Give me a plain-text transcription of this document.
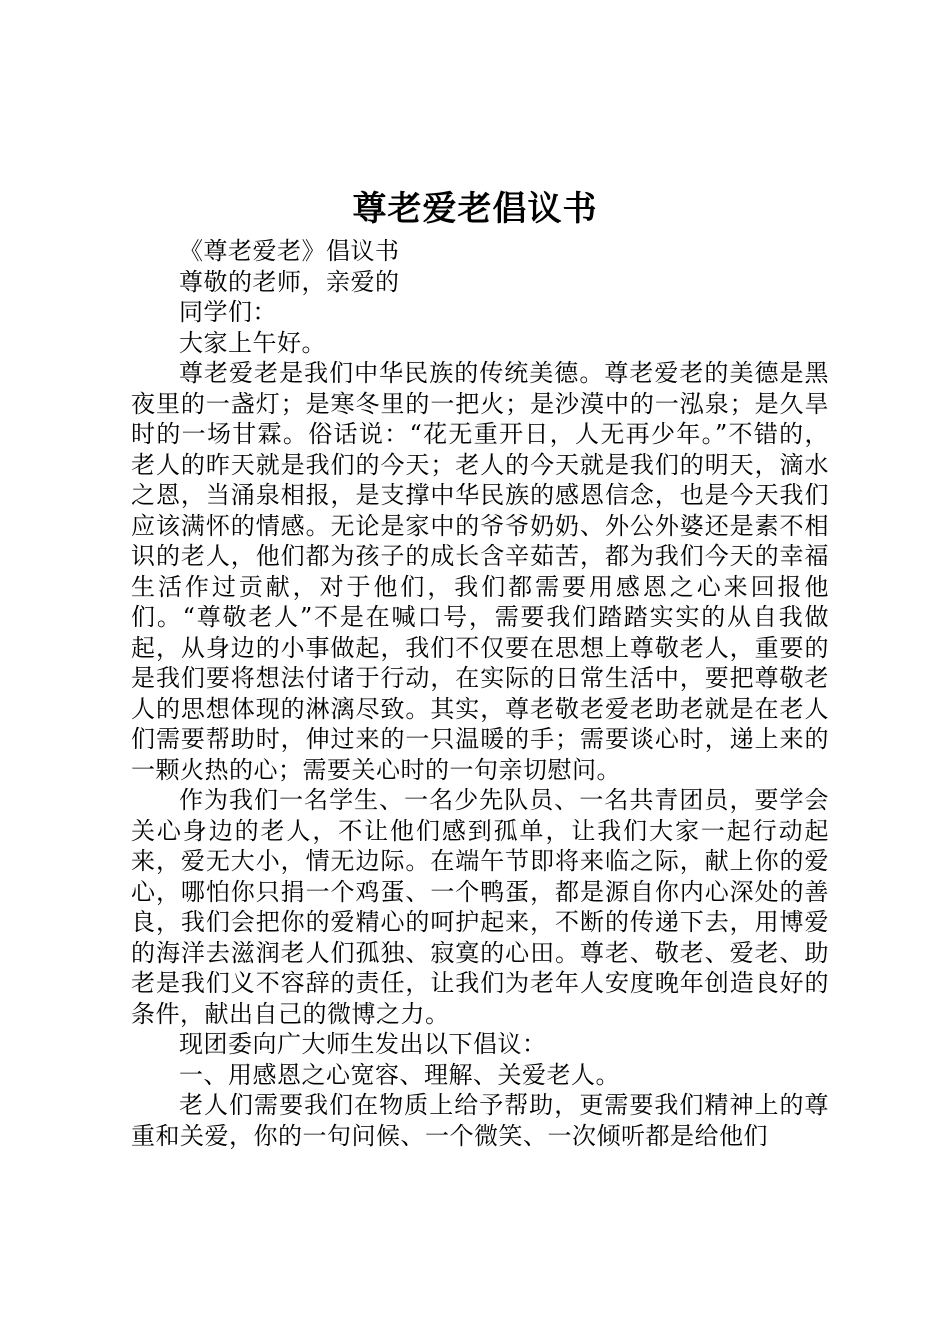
尊老爱老倡议书

《尊老爱老》倡议书

尊敬的老师，亲爱的

同学们：

大家上午好。

尊老爱老是我们中华民族的传统美德。尊老爱老的美德是黑夜里的一盏灯；是寒冬里的一把火；是沙漠中的一泓泉；是久旱时的一场甘霖。俗话说：“花无重开日，人无再少年。”不错的，老人的昨天就是我们的今天；老人的今天就是我们的明天，滴水之恩，当涌泉相报，是支撑中华民族的感恩信念，也是今天我们应该满怀的情感。无论是家中的爷爷奶奶、外公外婆还是素不相识的老人，他们都为孩子的成长含辛茹苦，都为我们今天的幸福生活作过贡献，对于他们，我们都需要用感恩之心来回报他们。“尊敬老人”不是在喊口号，需要我们踏踏实实的从自我做起，从身边的小事做起，我们不仅要在思想上尊敬老人，重要的是我们要将想法付诸于行动，在实际的日常生活中，要把尊敬老人的思想体现的淋漓尽致。其实，尊老敬老爱老助老就是在老人们需要帮助时，伸过来的一只温暖的手；需要谈心时，递上来的一颗火热的心；需要关心时的一句亲切慰问。

作为我们一名学生、一名少先队员、一名共青团员，要学会关心身边的老人，不让他们感到孤单，让我们大家一起行动起来，爱无大小，情无边际。在端午节即将来临之际，献上你的爱心，哪怕你只捐一个鸡蛋、一个鸭蛋，都是源自你内心深处的善良，我们会把你的爱精心的呵护起来，不断的传递下去，用博爱的海洋去滋润老人们孤独、寂寞的心田。尊老、敬老、爱老、助老是我们义不容辞的责任，让我们为老年人安度晚年创造良好的条件，献出自己的微博之力。

现团委向广大师生发出以下倡议：

一、用感恩之心宽容、理解、关爱老人。

老人们需要我们在物质上给予帮助，更需要我们精神上的尊重和关爱，你的一句问候、一个微笑、一次倾听都是给他们
